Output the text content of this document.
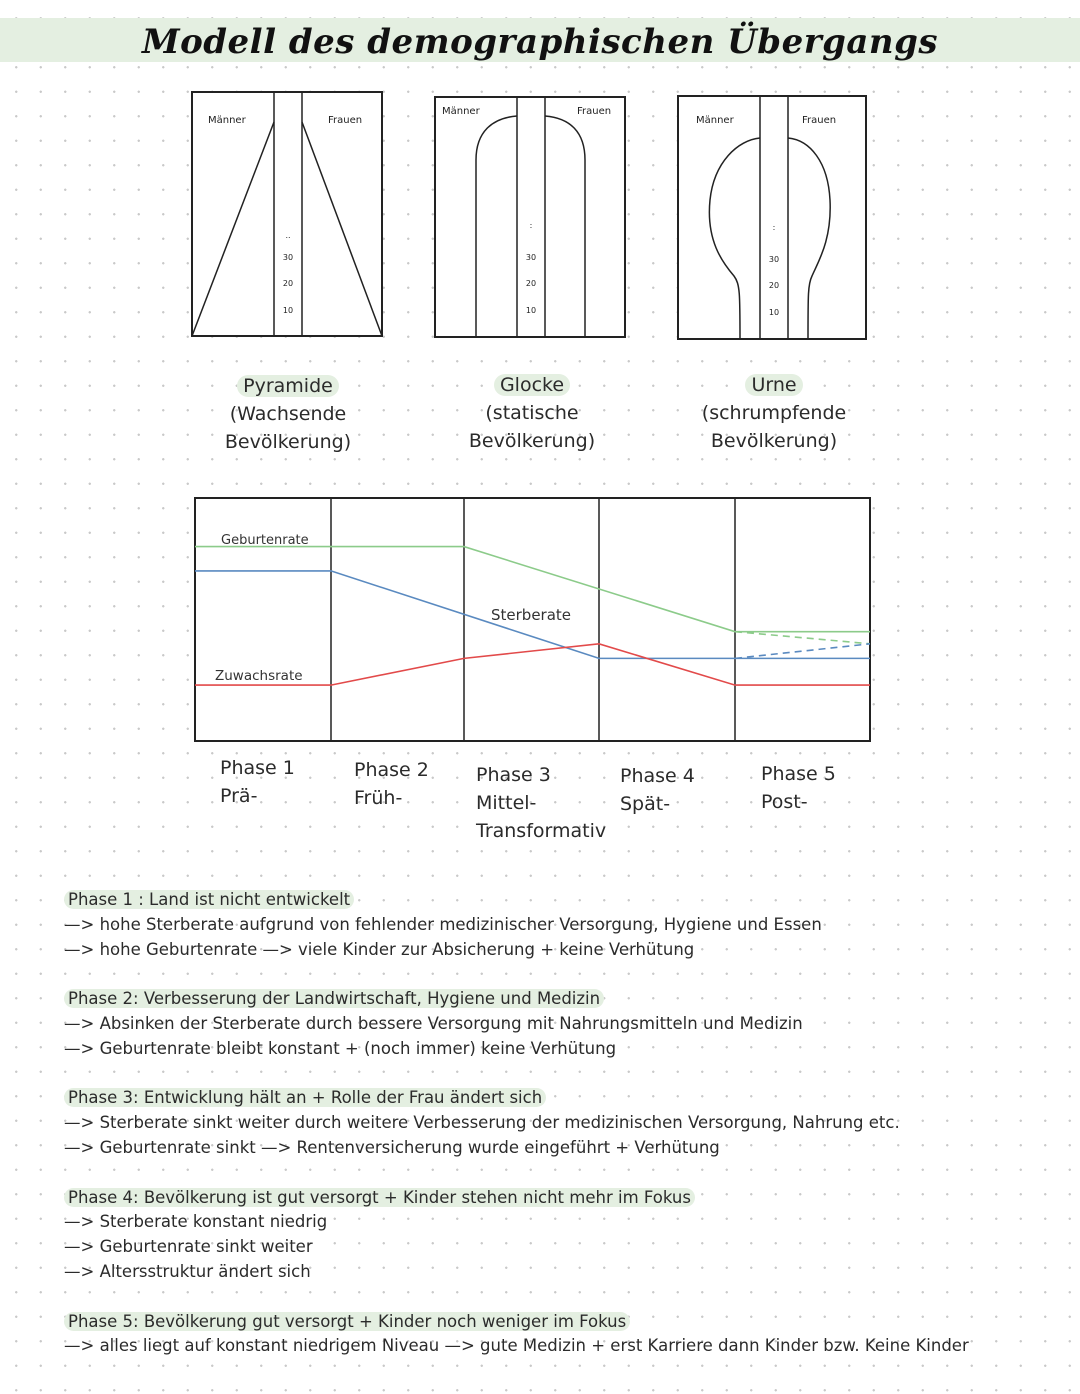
Modell des demographischen Übergangs
Männer	Frauen
..
30
20
10
Männer	Frauen
:
30
20
10
Männer	Frauen
:
30
20
10
Pyramide
(Wachsende
Bevölkerung)
Glocke
(statische
Bevölkerung)
Urne
(schrumpfende
Bevölkerung)
Geburtenrate
Sterberate
Zuwachsrate
Phase 1
Prä-
Phase 2
Früh-
Phase 3
Mittel-
Transformativ
Phase 4
Spät-
Phase 5
Post-
Phase 1 : Land ist nicht entwickelt
—> hohe Sterberate aufgrund von fehlender medizinischer Versorgung, Hygiene und Essen
—> hohe Geburtenrate —> viele Kinder zur Absicherung + keine Verhütung
Phase 2: Verbesserung der Landwirtschaft, Hygiene und Medizin
—> Absinken der Sterberate durch bessere Versorgung mit Nahrungsmitteln und Medizin
—> Geburtenrate bleibt konstant + (noch immer) keine Verhütung
Phase 3: Entwicklung hält an + Rolle der Frau ändert sich
—> Sterberate sinkt weiter durch weitere Verbesserung der medizinischen Versorgung, Nahrung etc.
—> Geburtenrate sinkt —> Rentenversicherung wurde eingeführt + Verhütung
Phase 4: Bevölkerung ist gut versorgt + Kinder stehen nicht mehr im Fokus
—> Sterberate konstant niedrig
—> Geburtenrate sinkt weiter
—> Altersstruktur ändert sich
Phase 5: Bevölkerung gut versorgt + Kinder noch weniger im Fokus
—> alles liegt auf konstant niedrigem Niveau —> gute Medizin + erst Karriere dann Kinder bzw. Keine Kinder
